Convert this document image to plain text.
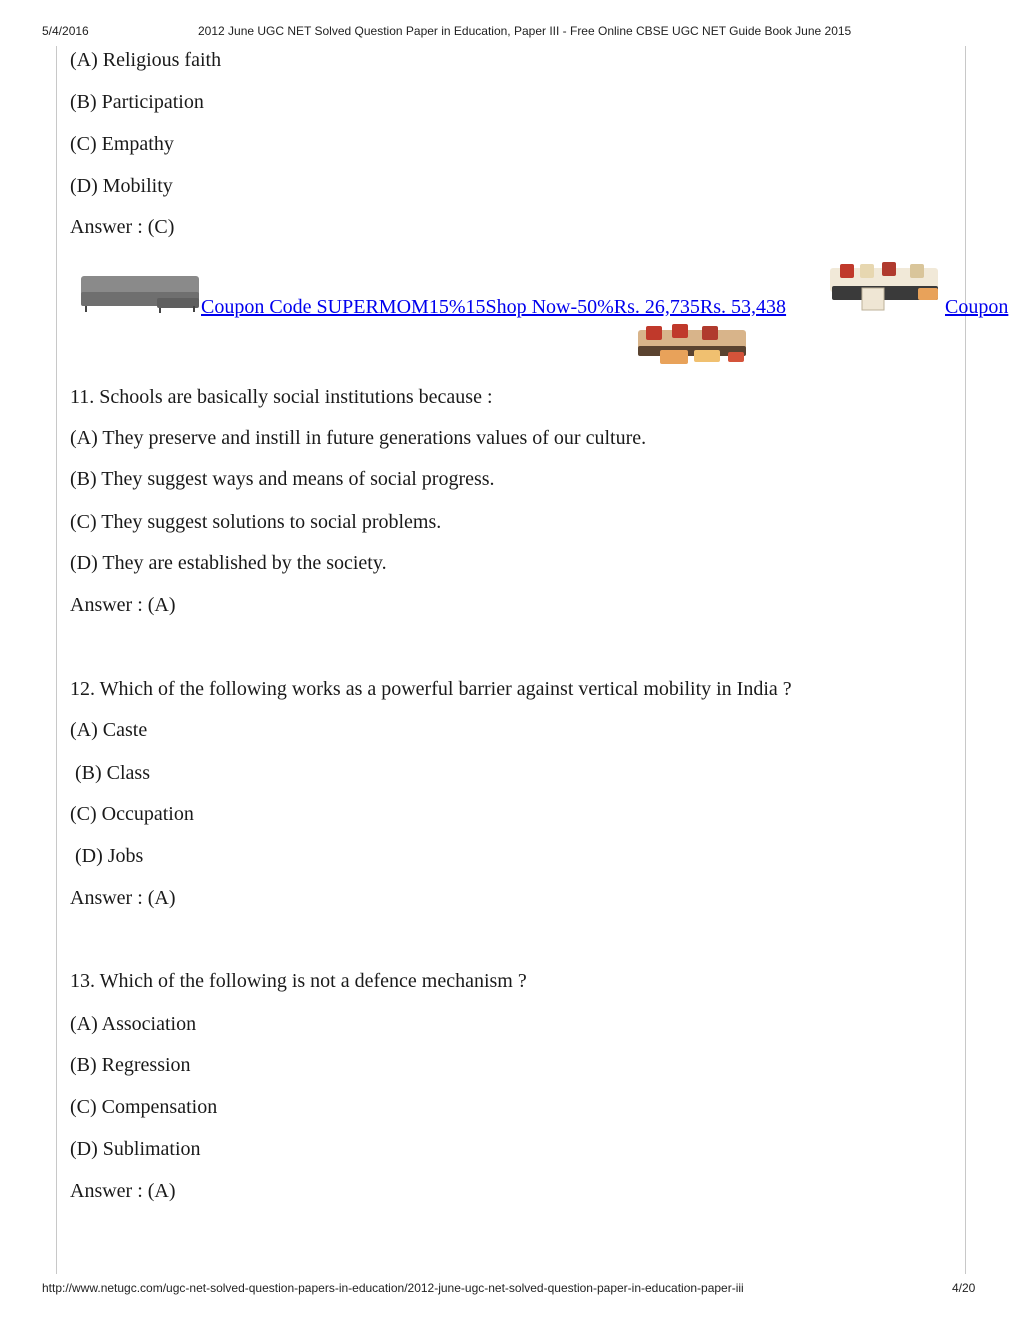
5/4/2016	2012 June UGC NET Solved Question Paper in Education, Paper III - Free Online CBSE UGC NET Guide Book June 2015
(A) Religious faith
(B) Participation
(C) Empathy
(D) Mobility
Answer : (C)
Coupon Code SUPERMOM15%15Shop Now-50%Rs. 26,735Rs. 53,438	Coupon
11. Schools are basically social institutions because :
(A) They preserve and instill in future generations values of our culture.
(B) They suggest ways and means of social progress.
(C) They suggest solutions to social problems.
(D) They are established by the society.
Answer : (A)
12. Which of the following works as a powerful barrier against vertical mobility in India ?
(A) Caste
(B) Class
(C) Occupation
(D) Jobs
Answer : (A)
13. Which of the following is not a defence mechanism ?
(A) Association
(B) Regression
(C) Compensation
(D) Sublimation
Answer : (A)
http://www.netugc.com/ugc-net-solved-question-papers-in-education/2012-june-ugc-net-solved-question-paper-in-education-paper-iii	4/20
